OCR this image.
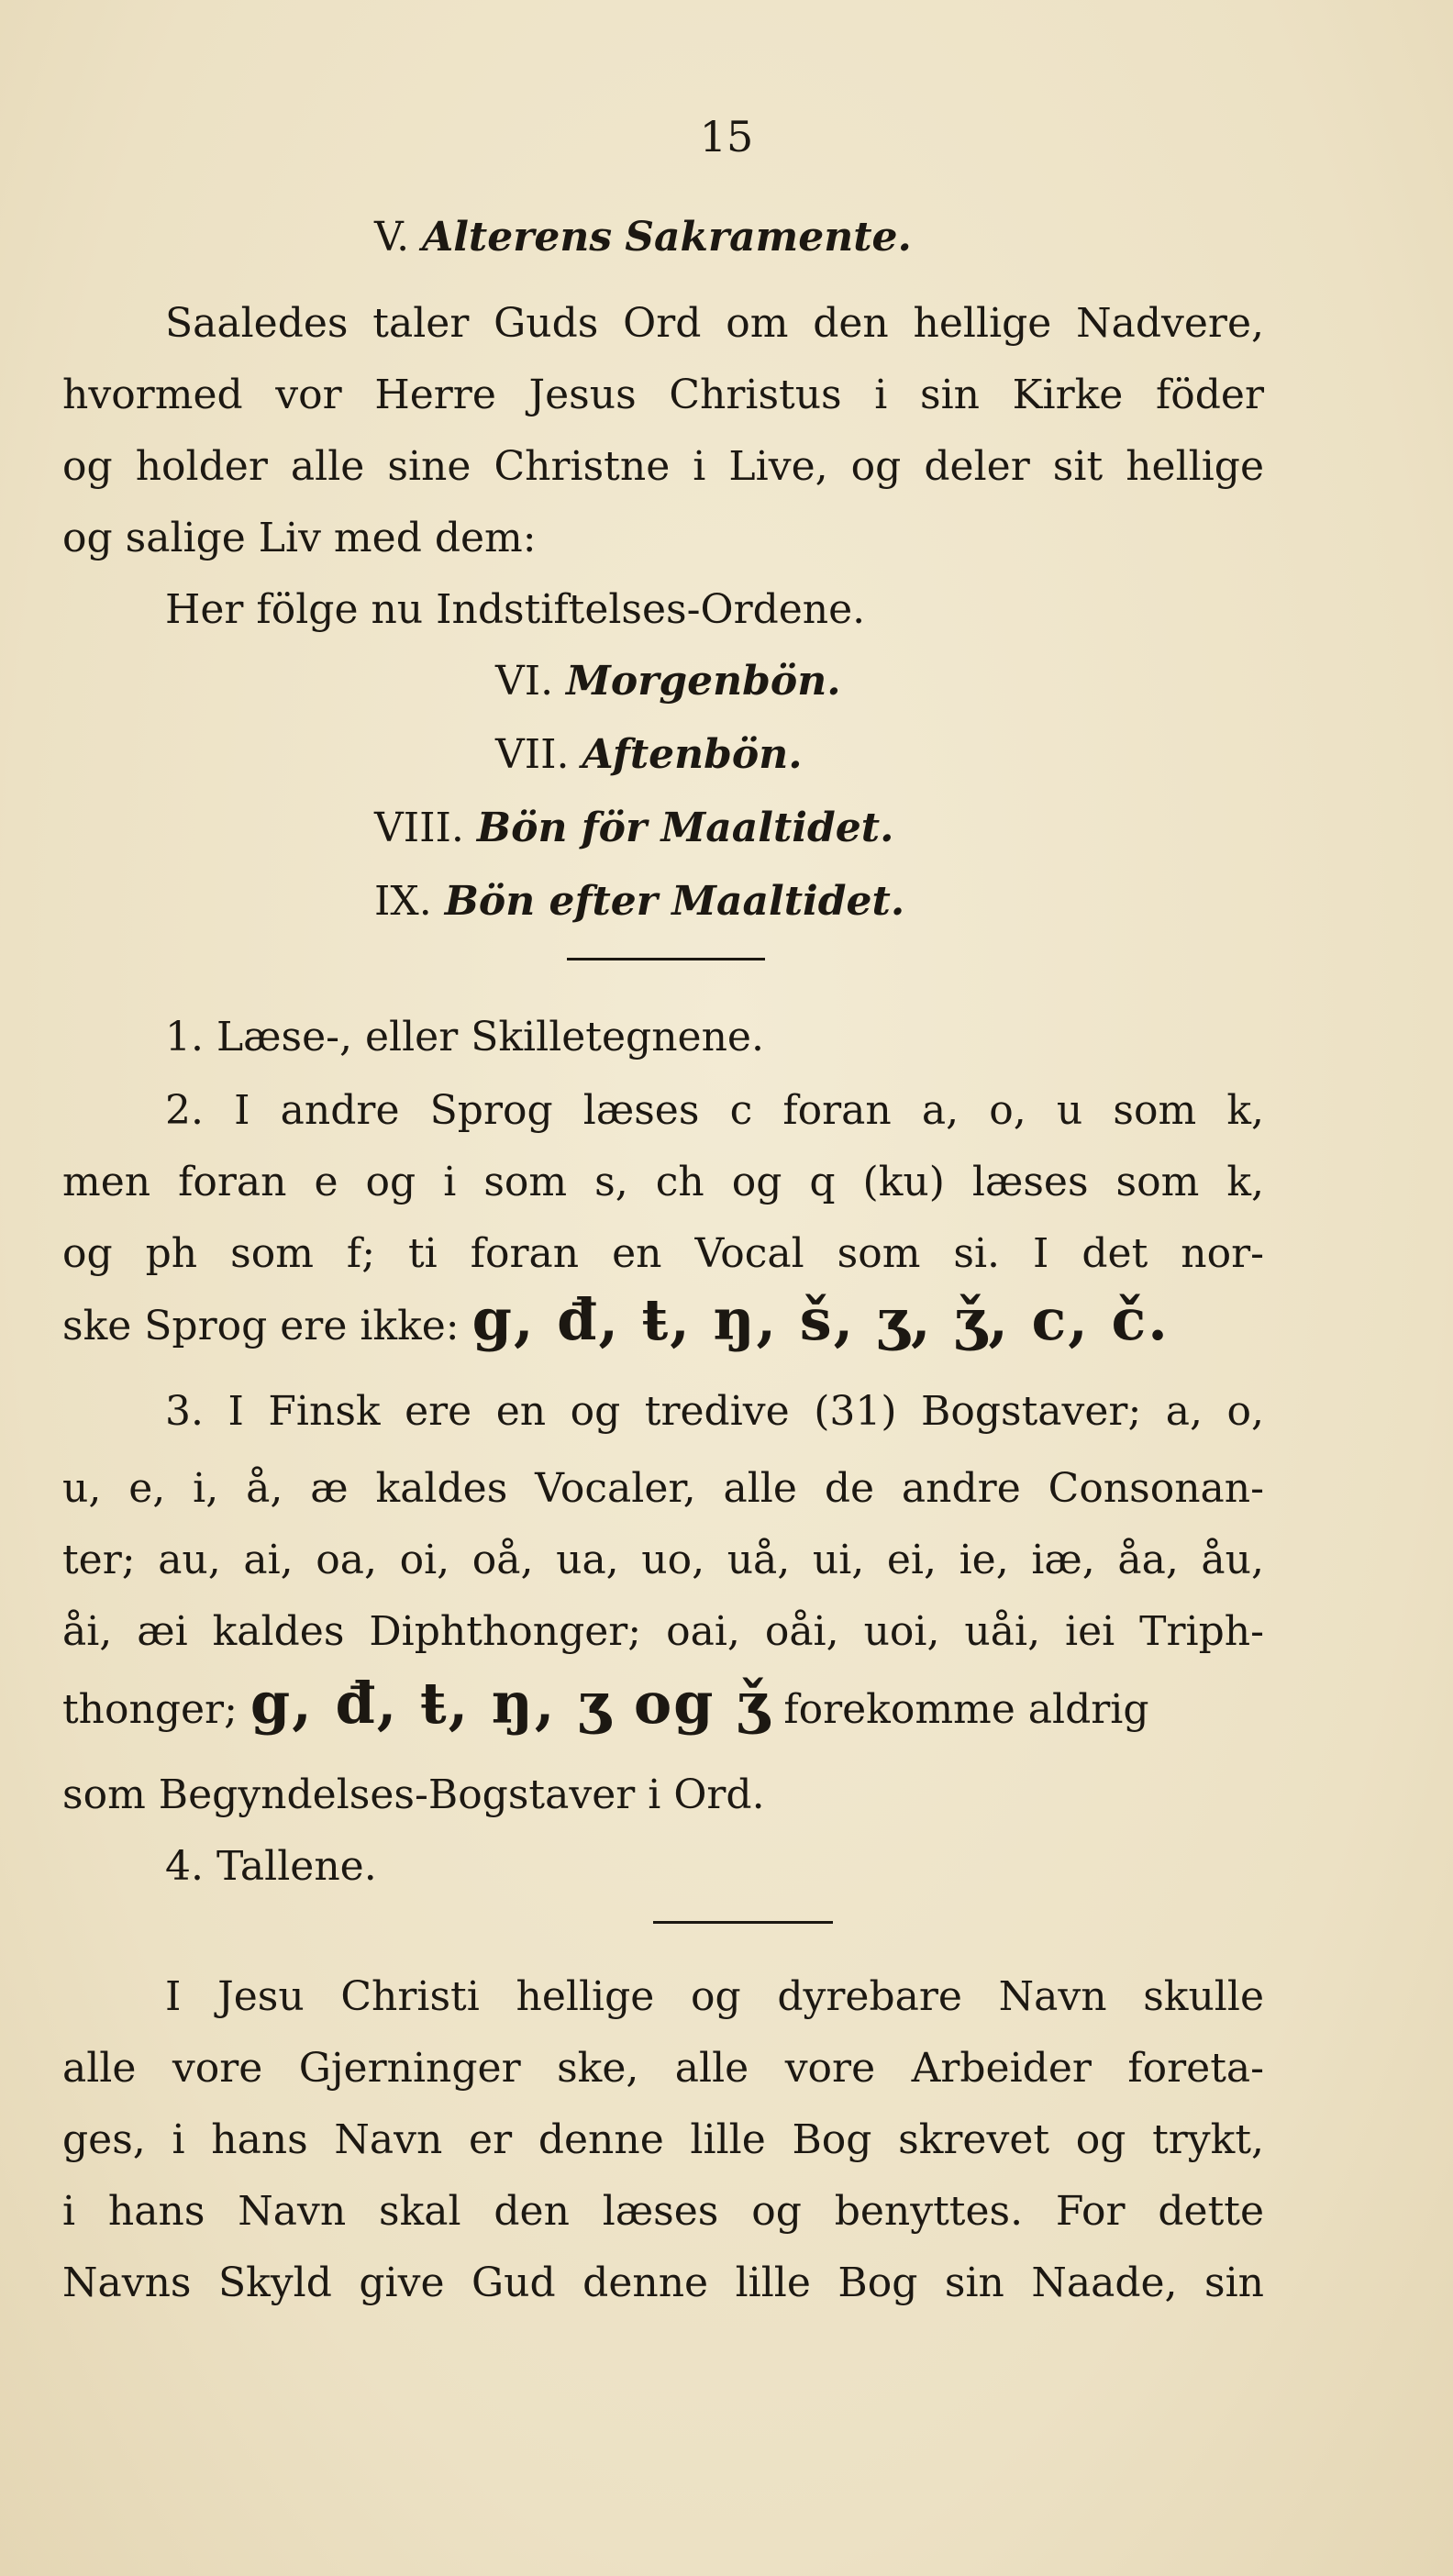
15
V. Alterens Sakramente.
Saaledes taler Guds Ord om den hellige Nadvere,
hvormed vor Herre Jesus Christus i sin Kirke föder
og holder alle sine Christne i Live, og deler sit hellige
og salige Liv med dem:
Her fölge nu Indstiftelses-Ordene.
VI. Morgenbön.
VII. Aftenbön.
VIII. Bön för Maaltidet.
IX. Bön efter Maaltidet.
1. Læse-, eller Skilletegnene.
2. I andre Sprog læses c foran a, o, u som k,
men foran e og i som s, ch og q (ku) læses som k,
og ph som f; ti foran en Vocal som si. I det nor-
ske Sprog ere ikke: g, đ, ŧ, ŋ, š, ʒ, ǯ, c, č.
3. I Finsk ere en og tredive (31) Bogstaver; a, o,
u, e, i, å, æ kaldes Vocaler, alle de andre Consonan-
ter; au, ai, oa, oi, oå, ua, uo, uå, ui, ei, ie, iæ, åa, åu,
åi, æi kaldes Diphthonger; oai, oåi, uoi, uåi, iei Triph-
thonger; g, đ, ŧ, ŋ, ʒ og ǯ forekomme aldrig
som Begyndelses-Bogstaver i Ord.
4. Tallene.
I Jesu Christi hellige og dyrebare Navn skulle
alle vore Gjerninger ske, alle vore Arbeider foreta-
ges, i hans Navn er denne lille Bog skrevet og trykt,
i hans Navn skal den læses og benyttes. For dette
Navns Skyld give Gud denne lille Bog sin Naade, sin
